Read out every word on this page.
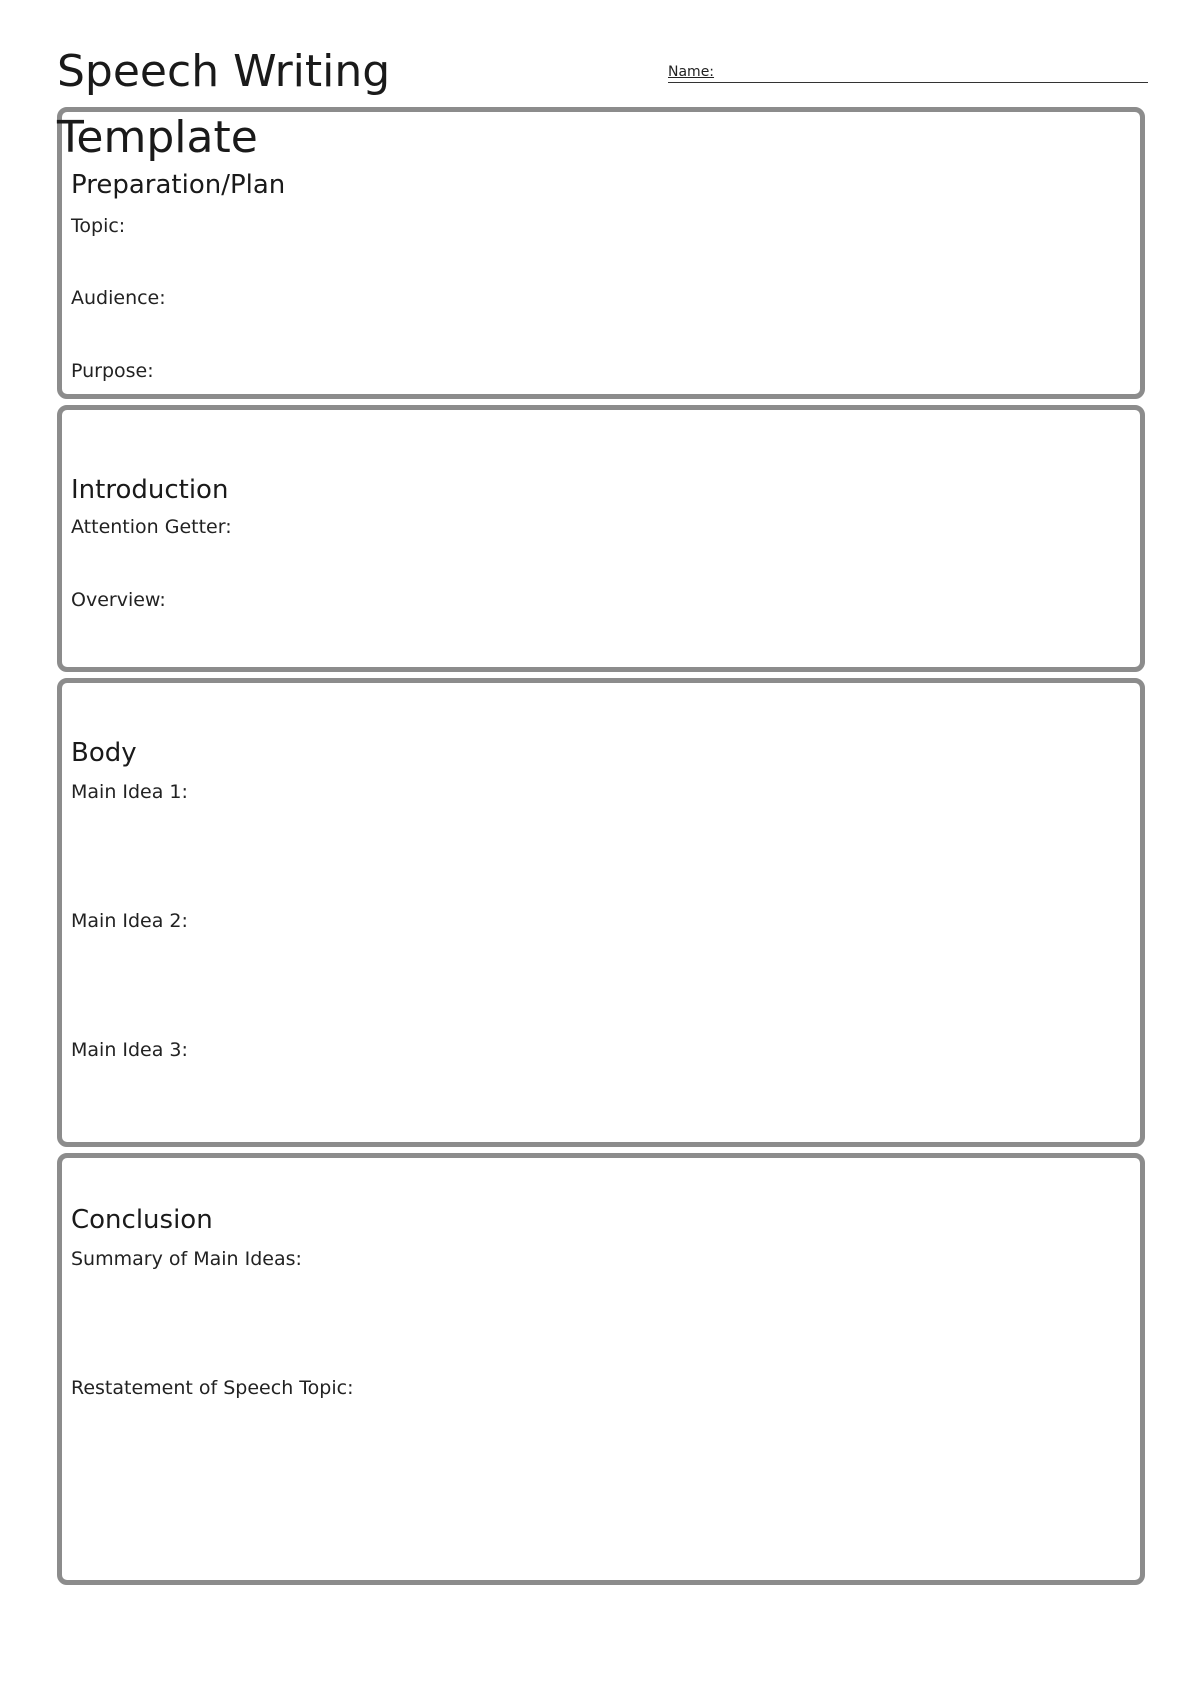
Speech Writing
Template
Name:
Preparation/Plan
Topic:
Audience:
Purpose:
Introduction
Attention Getter:
Overview:
Body
Main Idea 1:
Main Idea 2:
Main Idea 3:
Conclusion
Summary of Main Ideas:
Restatement of Speech Topic:
